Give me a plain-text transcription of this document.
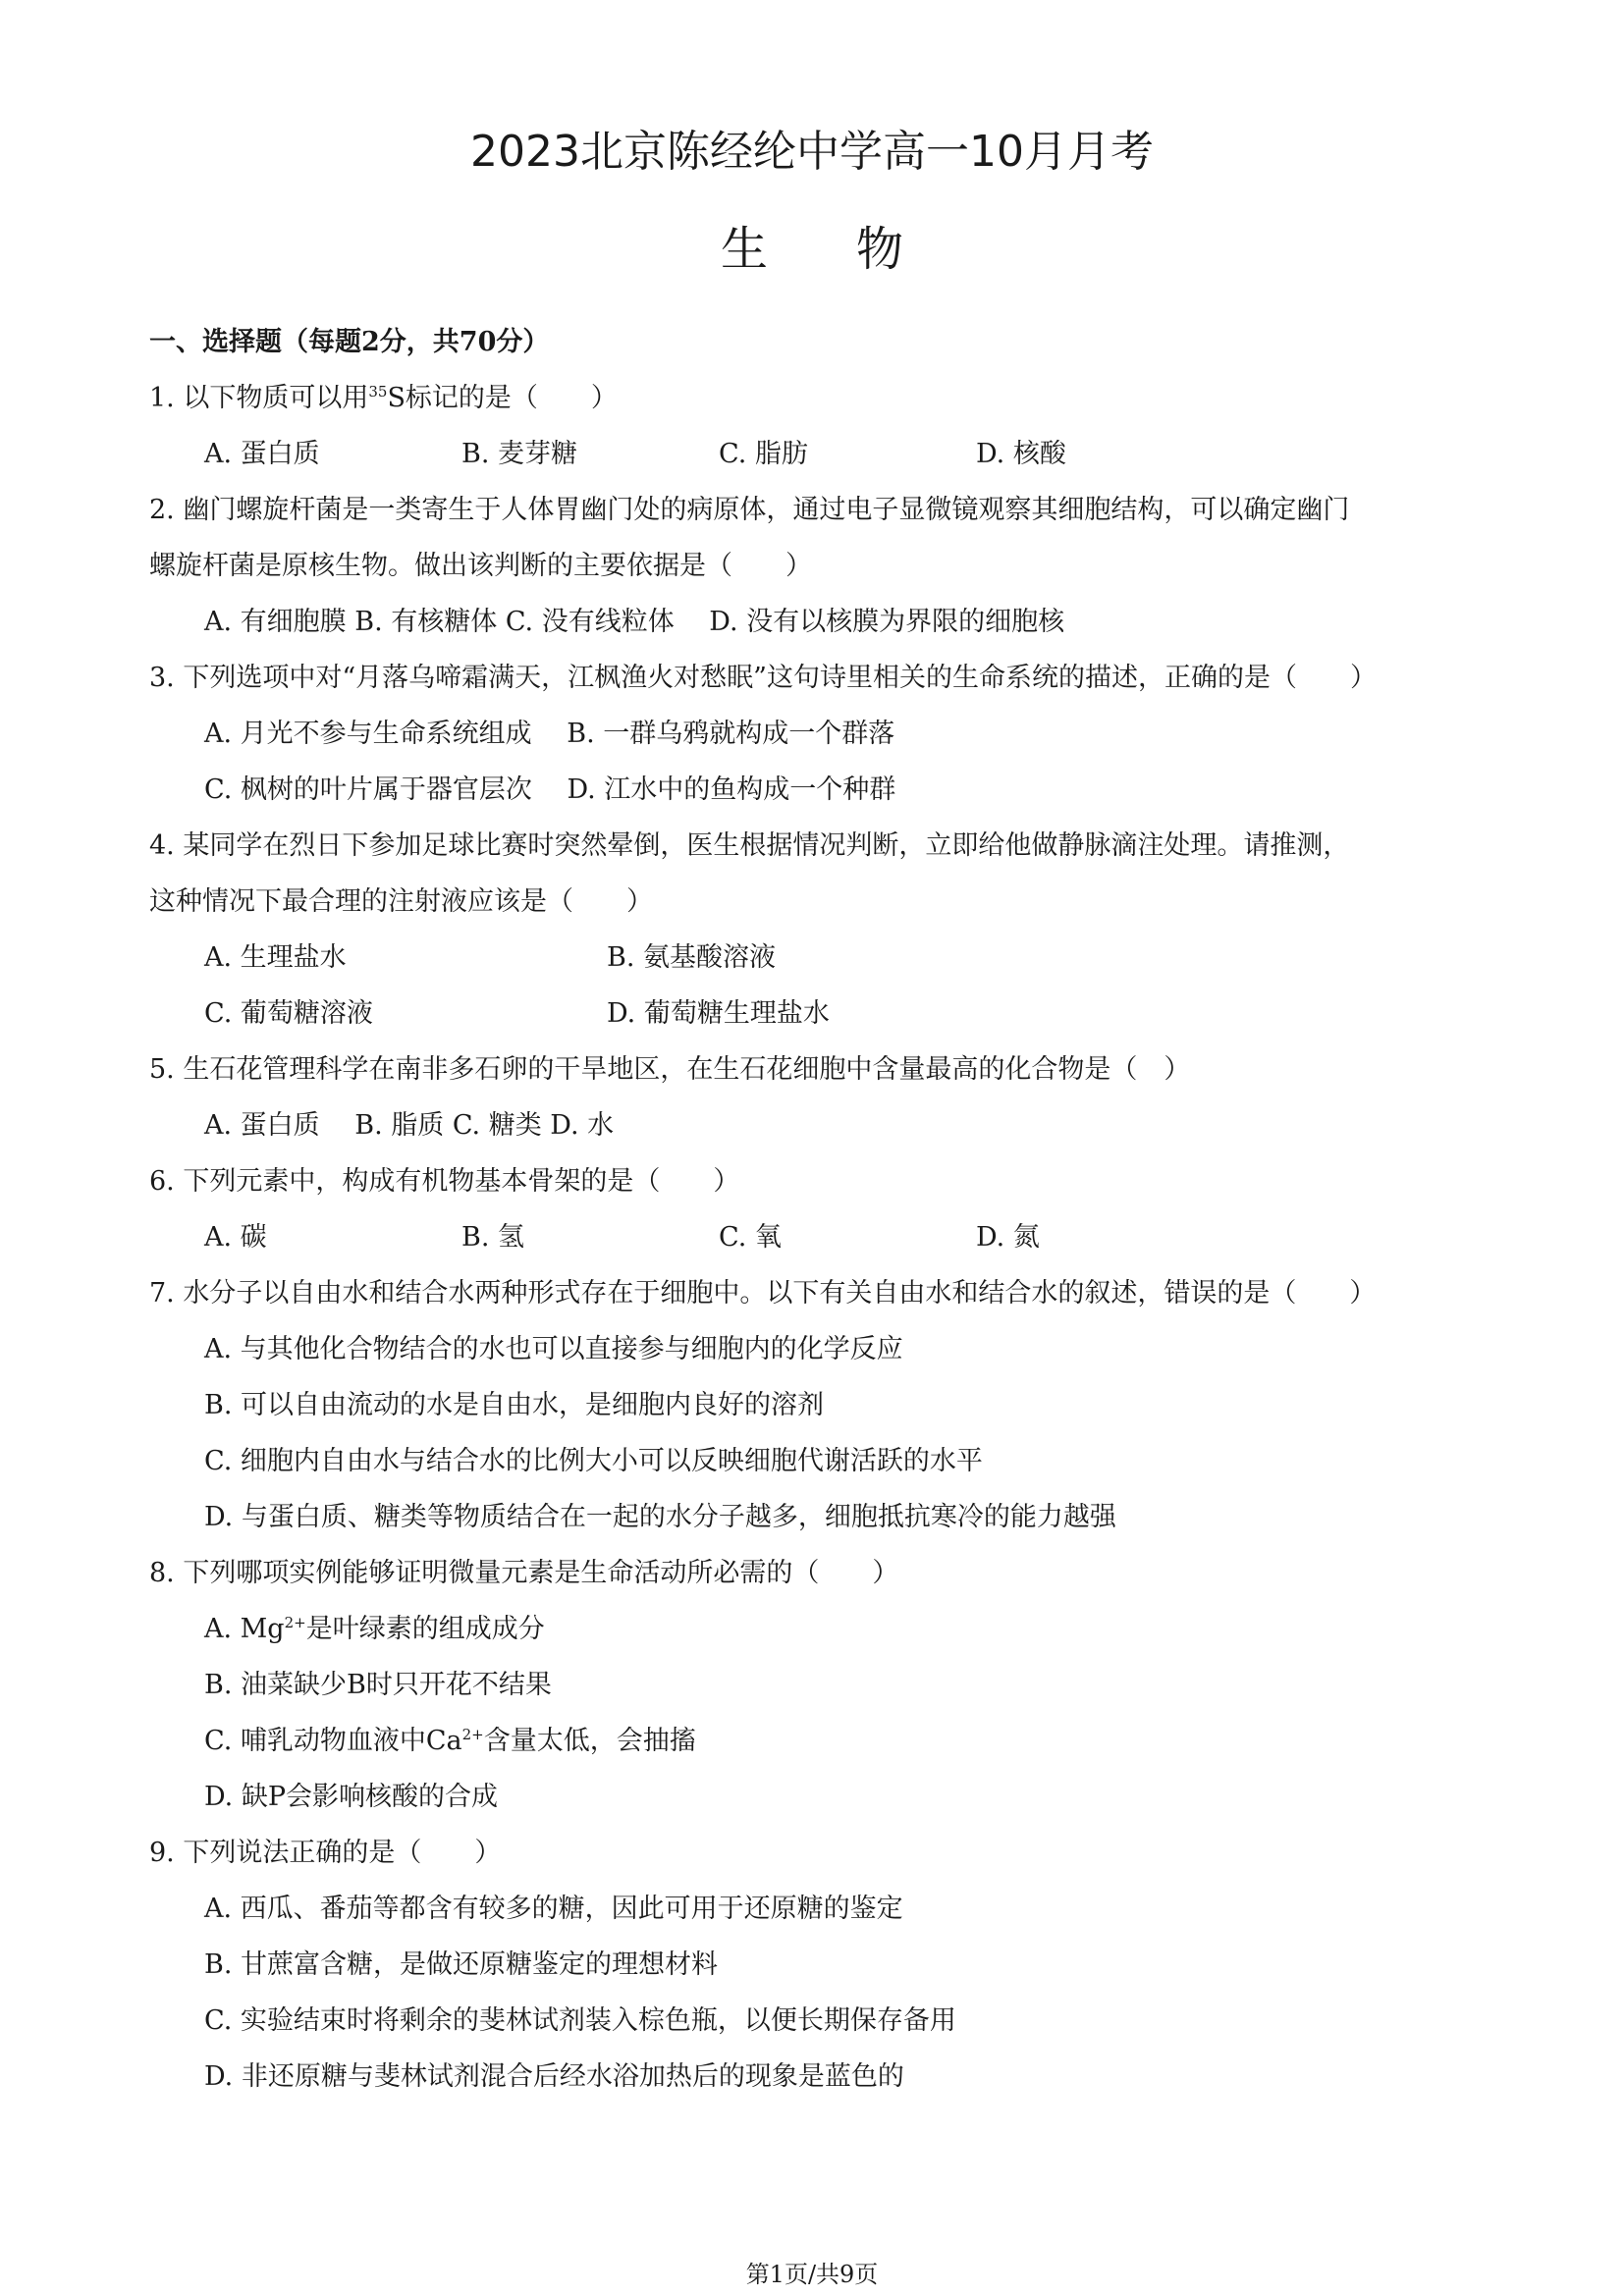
2023北京陈经纶中学高一10月月考
生物
一、选择题（每题2分，共70分）
1. 以下物质可以用$^{35}$S标记的是（　　）
A. 蛋白质	B. 麦芽糖	C. 脂肪	D. 核酸
2. 幽门螺旋杆菌是一类寄生于人体胃幽门处的病原体，通过电子显微镜观察其细胞结构，可以确定幽门
螺旋杆菌是原核生物。做出该判断的主要依据是（　　）
A. 有细胞膜 B. 有核糖体 C. 没有线粒体　 D. 没有以核膜为界限的细胞核
3. 下列选项中对“月落乌啼霜满天，江枫渔火对愁眠”这句诗里相关的生命系统的描述，正确的是（　　）
A. 月光不参与生命系统组成　 B. 一群乌鸦就构成一个群落
C. 枫树的叶片属于器官层次　 D. 江水中的鱼构成一个种群
4. 某同学在烈日下参加足球比赛时突然晕倒，医生根据情况判断，立即给他做静脉滴注处理。请推测，
这种情况下最合理的注射液应该是（　　）
A. 生理盐水	B. 氨基酸溶液
C. 葡萄糖溶液	D. 葡萄糖生理盐水
5. 生石花管理科学在南非多石卵的干旱地区，在生石花细胞中含量最高的化合物是（　）
A. 蛋白质　 B. 脂质 C. 糖类 D. 水
6. 下列元素中，构成有机物基本骨架的是（　　）
A. 碳	B. 氢	C. 氧	D. 氮
7. 水分子以自由水和结合水两种形式存在于细胞中。以下有关自由水和结合水的叙述，错误的是（　　）
A. 与其他化合物结合的水也可以直接参与细胞内的化学反应
B. 可以自由流动的水是自由水，是细胞内良好的溶剂
C. 细胞内自由水与结合水的比例大小可以反映细胞代谢活跃的水平
D. 与蛋白质、糖类等物质结合在一起的水分子越多，细胞抵抗寒冷的能力越强
8. 下列哪项实例能够证明微量元素是生命活动所必需的（　　）
A. $Mg^{2+}$是叶绿素的组成成分
B. 油菜缺少B时只开花不结果
C. 哺乳动物血液中$Ca^{2+}$含量太低，会抽搐
D. 缺P会影响核酸的合成
9. 下列说法正确的是（　　）
A. 西瓜、番茄等都含有较多的糖，因此可用于还原糖的鉴定
B. 甘蔗富含糖，是做还原糖鉴定的理想材料
C. 实验结束时将剩余的斐林试剂装入棕色瓶，以便长期保存备用
D. 非还原糖与斐林试剂混合后经水浴加热后的现象是蓝色的
第1页/共9页
